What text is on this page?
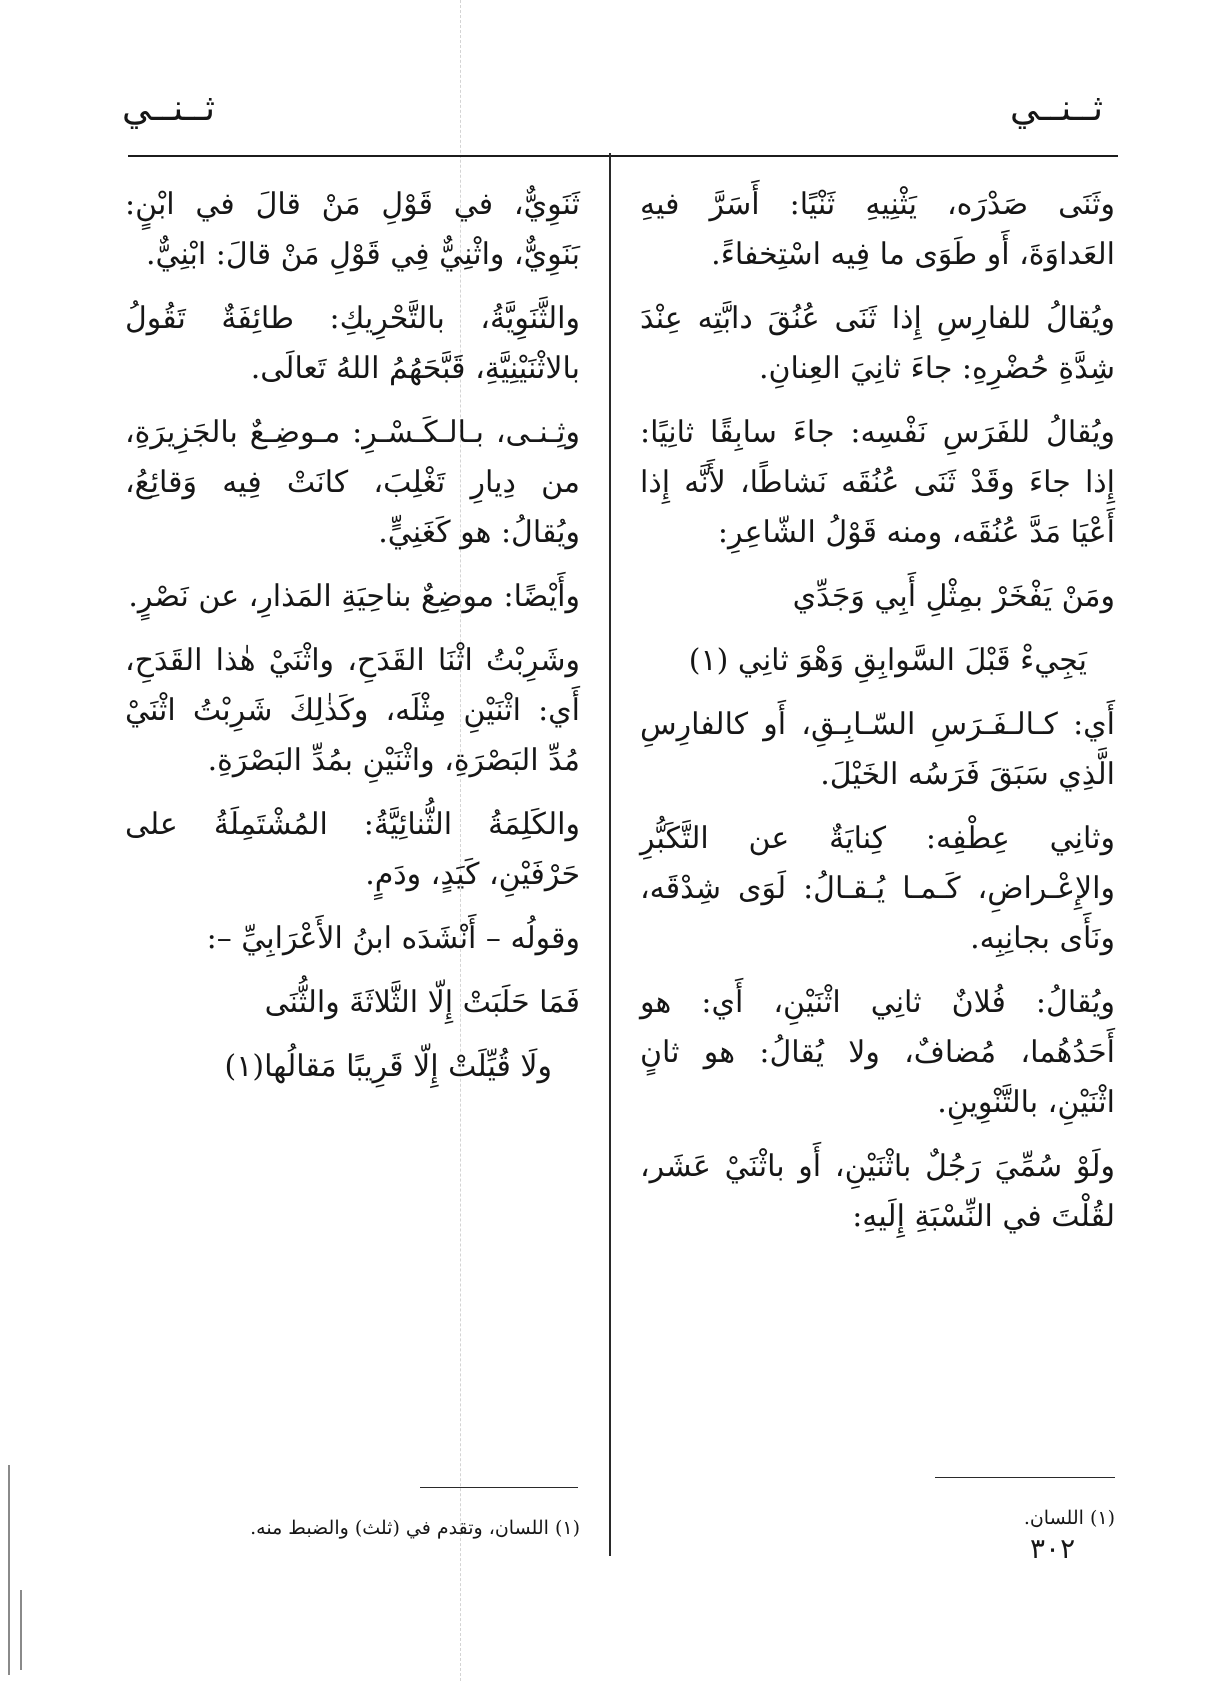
ثــنــي
ثــنــي

وثَنَى صَدْرَه، يَثْنِيهِ ثَنْيًا: أَسَرَّ فيهِ العَداوَةَ، أَو طَوَى ما فِيه اسْتِخفاءً.

ويُقالُ للفارِسِ إِذا ثَنَى عُنُقَ دابَّتِه عِنْدَ شِدَّةِ حُضْرِهِ: جاءَ ثانِيَ العِنانِ.

ويُقالُ للفَرَسِ نَفْسِه: جاءَ سابِقًا ثانِيًا: إِذا جاءَ وقَدْ ثَنَى عُنُقَه نَشاطًا، لأَنَّه إِذا أَعْيَا مَدَّ عُنُقَه، ومنه قَوْلُ الشّاعِرِ:

ومَنْ يَفْخَرْ بمِثْلِ أَبِي وَجَدِّي

يَجِيءْ قَبْلَ السَّوابِقِ وَهْوَ ثانِي (١)

أَي: كـالـفَـرَسِ السّـابِـقِ، أَو كالفارِسِ الَّذِي سَبَقَ فَرَسُه الخَيْلَ.

وثانِي عِطْفِه: كِنايَةٌ عن التَّكَبُّرِ والإِعْـراضِ، كَـمـا يُـقـالُ: لَوَى شِدْقَه، ونَأَى بجانِبِه.

ويُقالُ: فُلانٌ ثانِي اثْنَيْنِ، أَي: هو أَحَدُهُما، مُضافٌ، ولا يُقالُ: هو ثانٍ اثْنَيْنِ، بالتَّنْوِينِ.

ولَوْ سُمِّيَ رَجُلٌ باثْنَيْنِ، أَو باثْنَيْ عَشَر، لقُلْتَ في النِّسْبَةِ إِلَيهِ:

ثَنَوِيٌّ، في قَوْلِ مَنْ قالَ في ابْنٍ: بَنَوِيٌّ، واثْنِيٌّ فِي قَوْلِ مَنْ قالَ: ابْنِيٌّ.

والثَّنَوِيَّةُ، بالتَّحْرِيكِ: طائِفَةٌ تَقُولُ بالاثْنَيْنِيَّةِ، قَبَّحَهُمُ اللهُ تَعالَى.

وثِـنـى، بـالـكَـسْـرِ: مـوضِـعٌ بالجَزِيرَةِ، من دِيارِ تَغْلِبَ، كانَتْ فِيه وَقائِعُ، ويُقالُ: هو كَغَنِيٍّ.

وأَيْضًا: موضِعٌ بناحِيَةِ المَذارِ، عن نَصْرٍ.

وشَرِبْتُ اثْنَا القَدَحِ، واثْنَيْ هٰذا القَدَحِ، أَي: اثْنَيْنِ مِثْلَه، وكَذٰلِكَ شَرِبْتُ اثْنَيْ مُدِّ البَصْرَةِ، واثْنَيْنِ بمُدِّ البَصْرَةِ.

والكَلِمَةُ الثُّنائِيَّةُ: المُشْتَمِلَةُ على حَرْفَيْنِ، كَيَدٍ، ودَمٍ.

وقولُه – أَنْشَدَه ابنُ الأَعْرَابِيِّ –:

فَمَا حَلَبَتْ إِلّا الثَّلاثَةَ والثُّنَى

ولَا قُيِّلَتْ إِلّا قَرِيبًا مَقالُها(١)

(١) اللسان.
(١) اللسان، وتقدم في (ثلث) والضبط منه.
٣٠٢
